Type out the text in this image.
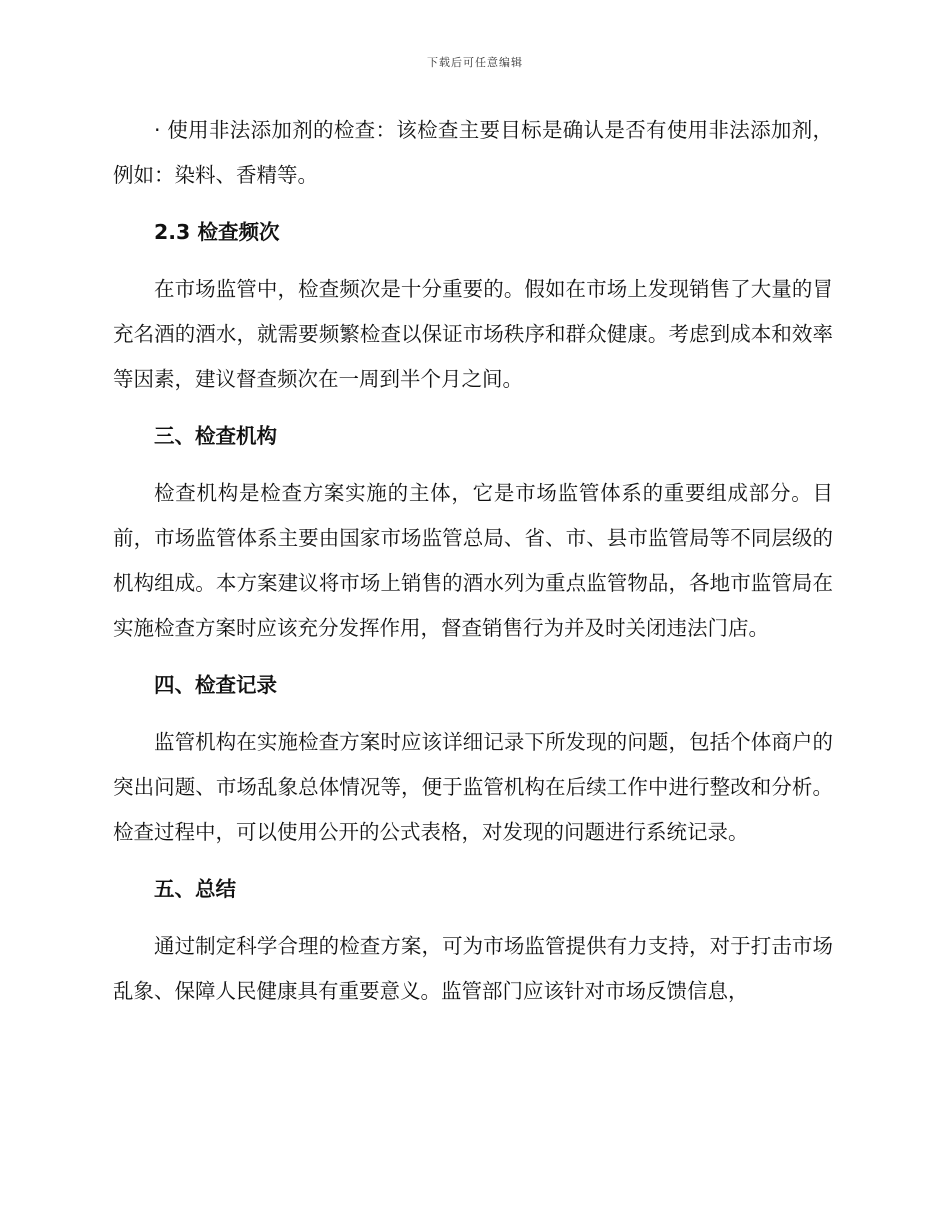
下载后可任意编辑

· 使用非法添加剂的检查：该检查主要目标是确认是否有使用非法添加剂，例如：染料、香精等。

2.3 检查频次

在市场监管中，检查频次是十分重要的。假如在市场上发现销售了大量的冒充名酒的酒水，就需要频繁检查以保证市场秩序和群众健康。考虑到成本和效率等因素，建议督查频次在一周到半个月之间。

三、检查机构

检查机构是检查方案实施的主体，它是市场监管体系的重要组成部分。目前，市场监管体系主要由国家市场监管总局、省、市、县市监管局等不同层级的机构组成。本方案建议将市场上销售的酒水列为重点监管物品，各地市监管局在实施检查方案时应该充分发挥作用，督查销售行为并及时关闭违法门店。

四、检查记录

监管机构在实施检查方案时应该详细记录下所发现的问题，包括个体商户的突出问题、市场乱象总体情况等，便于监管机构在后续工作中进行整改和分析。检查过程中，可以使用公开的公式表格，对发现的问题进行系统记录。

五、总结

通过制定科学合理的检查方案，可为市场监管提供有力支持，对于打击市场乱象、保障人民健康具有重要意义。监管部门应该针对市场反馈信息，
